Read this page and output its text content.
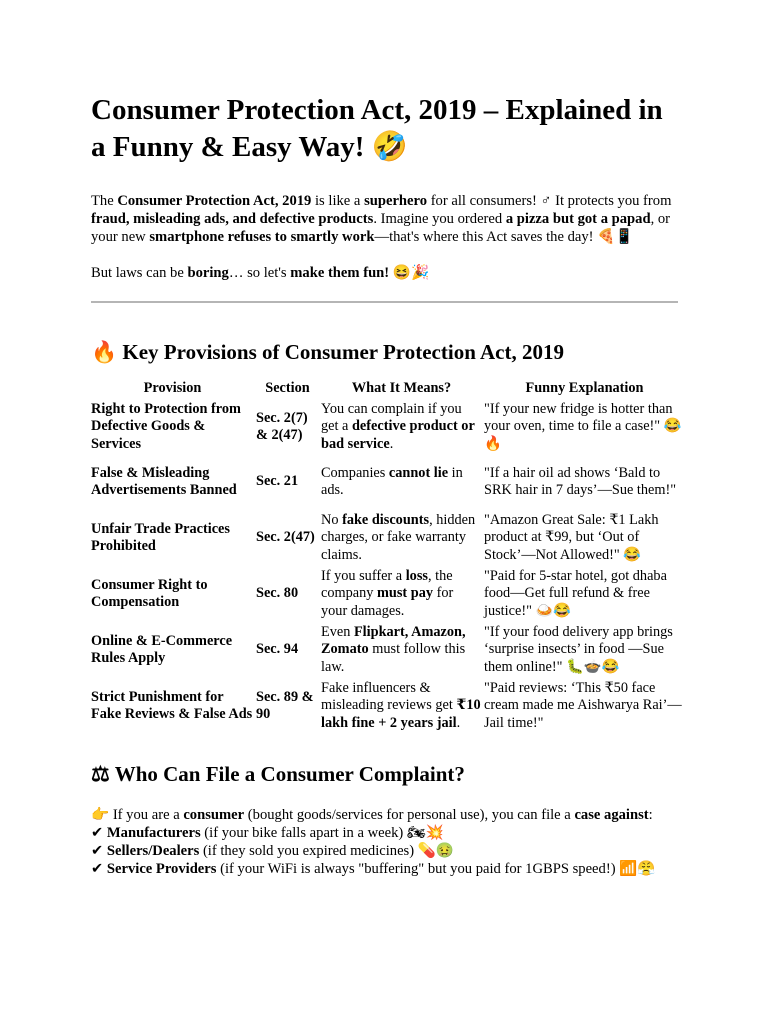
Consumer Protection Act, 2019 – Explained in a Funny & Easy Way! 🤣

The Consumer Protection Act, 2019 is like a superhero for all consumers! ♂ It protects you from fraud, misleading ads, and defective products. Imagine you ordered a pizza but got a papad, or your new smartphone refuses to smartly work—that's where this Act saves the day! 🍕📱

But laws can be boring… so let's make them fun! 😆🎉

🔥 Key Provisions of Consumer Protection Act, 2019
Provision	Section	What It Means?	Funny Explanation
Right to Protection from Defective Goods & Services	Sec. 2(7) & 2(47)	You can complain if you get a defective product or bad service.	"If your new fridge is hotter than your oven, time to file a case!" 😂🔥
False & Misleading Advertisements Banned	Sec. 21	Companies cannot lie in ads.	"If a hair oil ad shows ‘Bald to SRK hair in 7 days’—Sue them!"
Unfair Trade Practices Prohibited	Sec. 2(47)	No fake discounts, hidden charges, or fake warranty claims.	"Amazon Great Sale: ₹1 Lakh product at ₹99, but ‘Out of Stock’—Not Allowed!" 😂
Consumer Right to Compensation	Sec. 80	If you suffer a loss, the company must pay for your damages.	"Paid for 5-star hotel, got dhaba food—Get full refund & free justice!" 🍛😂
Online & E-Commerce Rules Apply	Sec. 94	Even Flipkart, Amazon, Zomato must follow this law.	"If your food delivery app brings ‘surprise insects’ in food —Sue them online!" 🐛🍲😂
Strict Punishment for Fake Reviews & False Ads	Sec. 89 & 90	Fake influencers & misleading reviews get ₹10 lakh fine + 2 years jail.	"Paid reviews: ‘This ₹50 face cream made me Aishwarya Rai’—Jail time!"
⚖ Who Can File a Consumer Complaint?
👉 If you are a consumer (bought goods/services for personal use), you can file a case against:
✔ Manufacturers (if your bike falls apart in a week) 🏍💥
✔ Sellers/Dealers (if they sold you expired medicines) 💊🤢
✔ Service Providers (if your WiFi is always "buffering" but you paid for 1GBPS speed!) 📶😤
